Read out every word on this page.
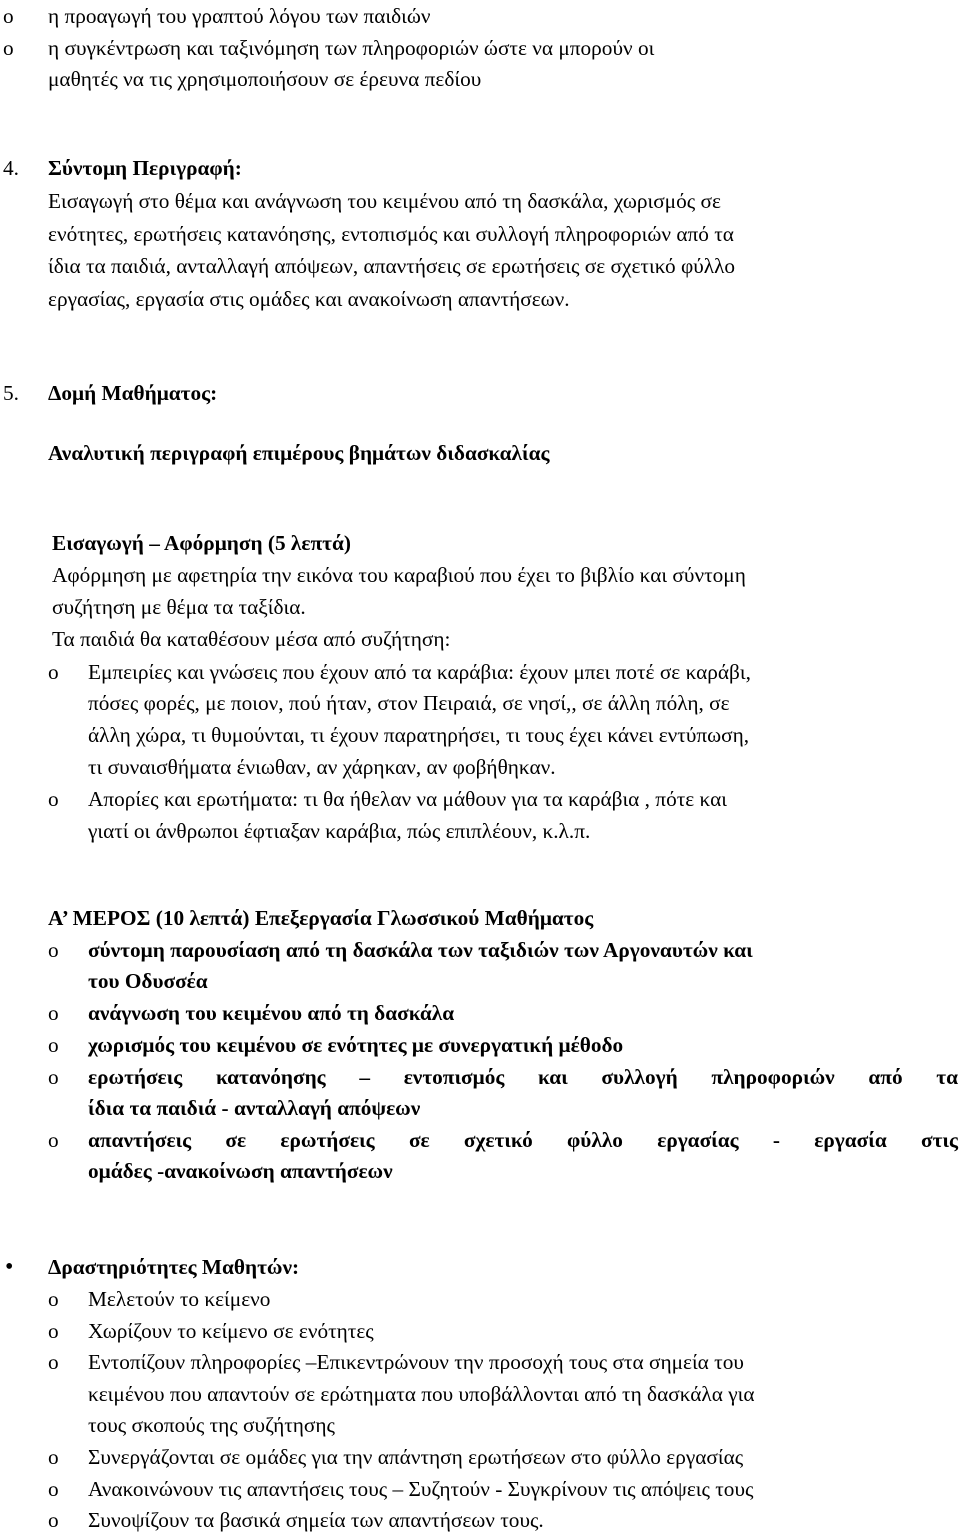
o η προαγωγή του γραπτού λόγου των παιδιών
o η συγκέντρωση και ταξινόμηση των πληροφοριών ώστε να μπορούν οι
μαθητές να τις χρησιμοποιήσουν σε έρευνα πεδίου
4. Σύντομη Περιγραφή:
Εισαγωγή στο θέμα και ανάγνωση του κειμένου από τη δασκάλα, χωρισμός σε
ενότητες, ερωτήσεις κατανόησης, εντοπισμός και συλλογή πληροφοριών από τα
ίδια τα παιδιά, ανταλλαγή απόψεων, απαντήσεις σε ερωτήσεις σε σχετικό φύλλο
εργασίας, εργασία στις ομάδες και ανακοίνωση απαντήσεων.
5. Δομή Μαθήματος:
Αναλυτική περιγραφή επιμέρους βημάτων διδασκαλίας
Εισαγωγή – Αφόρμηση (5 λεπτά)
Αφόρμηση με αφετηρία την εικόνα του καραβιού που έχει το βιβλίο και σύντομη
συζήτηση με θέμα τα ταξίδια.
Τα παιδιά θα καταθέσουν μέσα από συζήτηση:
o Εμπειρίες και γνώσεις που έχουν από τα καράβια: έχουν μπει ποτέ σε καράβι,
πόσες φορές, με ποιον, πού ήταν, στον Πειραιά, σε νησί,, σε άλλη πόλη, σε
άλλη χώρα, τι θυμούνται, τι έχουν παρατηρήσει, τι τους έχει κάνει εντύπωση,
τι συναισθήματα ένιωθαν, αν χάρηκαν, αν φοβήθηκαν.
o Απορίες και ερωτήματα: τι θα ήθελαν να μάθουν για τα καράβια , πότε και
γιατί οι άνθρωποι έφτιαξαν καράβια, πώς επιπλέουν, κ.λ.π.
Α’ ΜΕΡΟΣ (10 λεπτά) Επεξεργασία Γλωσσικού Μαθήματος
o σύντομη παρουσίαση από τη δασκάλα των ταξιδιών των Αργοναυτών και
του Οδυσσέα
o ανάγνωση του κειμένου από τη δασκάλα
o χωρισμός του κειμένου σε ενότητες με συνεργατική μέθοδο
o ερωτήσεις κατανόησης – εντοπισμός και συλλογή πληροφοριών από τα
ίδια τα παιδιά - ανταλλαγή απόψεων
o απαντήσεις σε ερωτήσεις σε σχετικό φύλλο εργασίας - εργασία στις
ομάδες -ανακοίνωση απαντήσεων
• Δραστηριότητες Μαθητών:
o Μελετούν το κείμενο
o Χωρίζουν το κείμενο σε ενότητες
o Εντοπίζουν πληροφορίες –Επικεντρώνουν την προσοχή τους στα σημεία του
κειμένου που απαντούν σε ερώτηματα που υποβάλλονται από τη δασκάλα για
τους σκοπούς της συζήτησης
o Συνεργάζονται σε ομάδες για την απάντηση ερωτήσεων στο φύλλο εργασίας
o Ανακοινώνουν τις απαντήσεις τους – Συζητούν - Συγκρίνουν τις απόψεις τους
o Συνοψίζουν τα βασικά σημεία των απαντήσεων τους.
